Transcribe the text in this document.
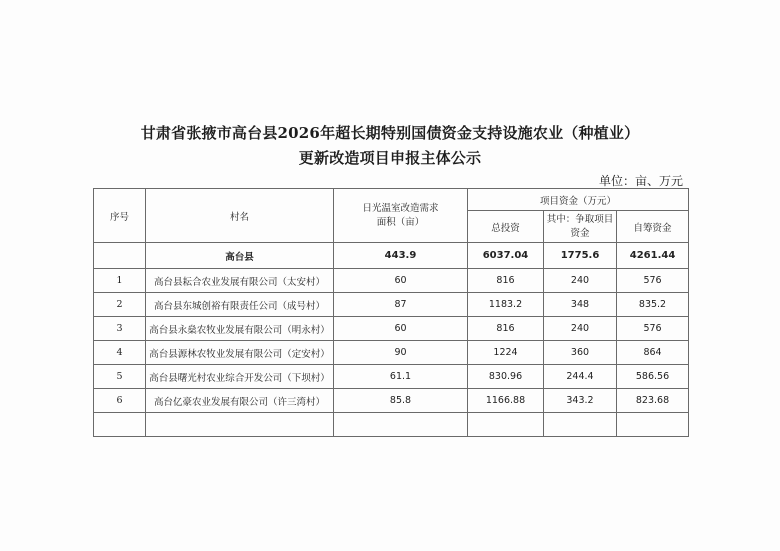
甘肃省张掖市高台县2026年超长期特别国债资金支持设施农业（种植业）
更新改造项目申报主体公示
单位：亩、万元
序号	村名	日光温室改造需求面积（亩）	项目资金（万元）		
			总投资	其中：争取项目资金	自筹资金
	高台县	443.9	6037.04	1775.6	4261.44
1	高台县耘合农业发展有限公司（太安村）	60	816	240	576
2	高台县东城创裕有限责任公司（成号村）	87	1183.2	348	835.2
3	高台县永燊农牧业发展有限公司（明永村）	60	816	240	576
4	高台县源林农牧业发展有限公司（定安村）	90	1224	360	864
5	高台县曙光村农业综合开发公司（下坝村）	61.1	830.96	244.4	586.56
6	高台亿豪农业发展有限公司（许三湾村）	85.8	1166.88	343.2	823.68
